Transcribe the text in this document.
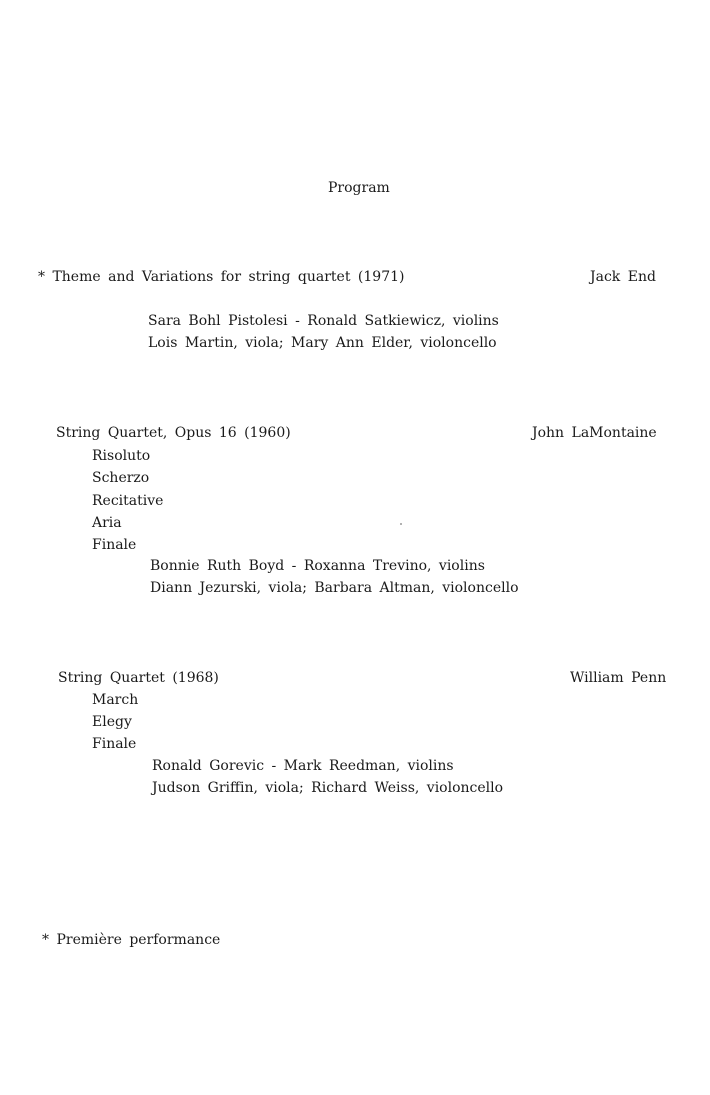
Program
* Theme and Variations for string quartet (1971)	Jack End
Sara Bohl Pistolesi - Ronald Satkiewicz, violins
Lois Martin, viola; Mary Ann Elder, violoncello
String Quartet, Opus 16 (1960)	John LaMontaine
Risoluto
Scherzo
Recitative
Aria
Finale
Bonnie Ruth Boyd - Roxanna Trevino, violins
Diann Jezurski, viola; Barbara Altman, violoncello
String Quartet (1968)	William Penn
March
Elegy
Finale
Ronald Gorevic - Mark Reedman, violins
Judson Griffin, viola; Richard Weiss, violoncello
* Première performance
